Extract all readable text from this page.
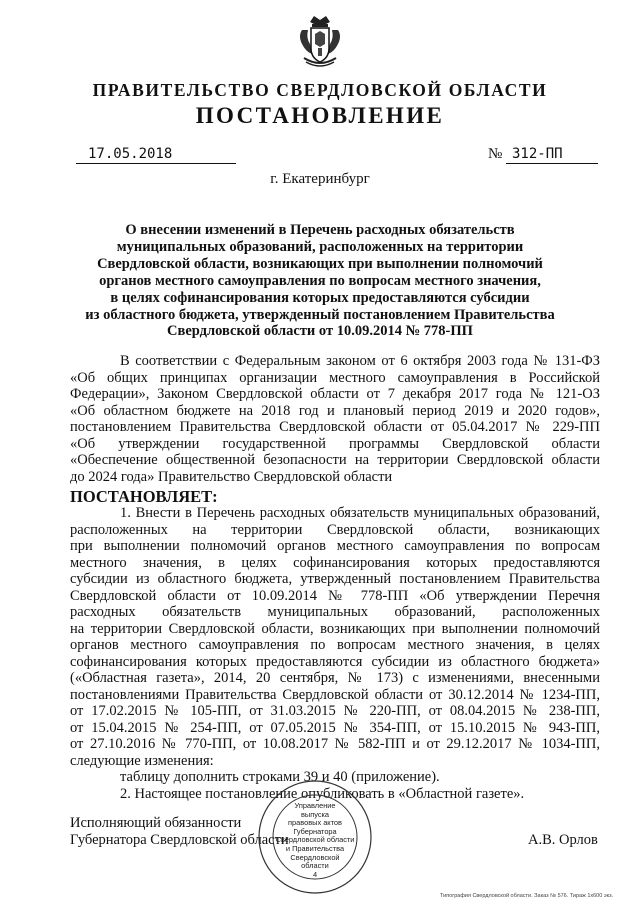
ПРАВИТЕЛЬСТВО СВЕРДЛОВСКОЙ ОБЛАСТИ
ПОСТАНОВЛЕНИЕ
17.05.2018	№ 312-ПП
г. Екатеринбург
О внесении изменений в Перечень расходных обязательств
муниципальных образований, расположенных на территории
Свердловской области, возникающих при выполнении полномочий
органов местного самоуправления по вопросам местного значения,
в целях софинансирования которых предоставляются субсидии
из областного бюджета, утвержденный постановлением Правительства
Свердловской области от 10.09.2014 № 778-ПП
В соответствии с Федеральным законом от 6 октября 2003 года № 131-ФЗ
«Об общих принципах организации местного самоуправления в Российской
Федерации», Законом Свердловской области от 7 декабря 2017 года № 121-ОЗ
«Об областном бюджете на 2018 год и плановый период 2019 и 2020 годов»,
постановлением Правительства Свердловской области от 05.04.2017 № 229-ПП
«Об утверждении государственной программы Свердловской области
«Обеспечение общественной безопасности на территории Свердловской области
до 2024 года» Правительство Свердловской области
ПОСТАНОВЛЯЕТ:
1. Внести в Перечень расходных обязательств муниципальных образований,
расположенных на территории Свердловской области, возникающих
при выполнении полномочий органов местного самоуправления по вопросам
местного значения, в целях софинансирования которых предоставляются
субсидии из областного бюджета, утвержденный постановлением Правительства
Свердловской области от 10.09.2014 № 778-ПП «Об утверждении Перечня
расходных обязательств муниципальных образований, расположенных
на территории Свердловской области, возникающих при выполнении полномочий
органов местного самоуправления по вопросам местного значения, в целях
софинансирования которых предоставляются субсидии из областного бюджета»
(«Областная газета», 2014, 20 сентября, № 173) с изменениями, внесенными
постановлениями Правительства Свердловской области от 30.12.2014 № 1234-ПП,
от 17.02.2015 № 105-ПП, от 31.03.2015 № 220-ПП, от 08.04.2015 № 238-ПП,
от 15.04.2015 № 254-ПП, от 07.05.2015 № 354-ПП, от 15.10.2015 № 943-ПП,
от 27.10.2016 № 770-ПП, от 10.08.2017 № 582-ПП и от 29.12.2017 № 1034-ПП,
следующие изменения:
таблицу дополнить строками 39 и 40 (приложение).
2. Настоящее постановление опубликовать в «Областной газете».
Исполняющий обязанности
Губернатора Свердловской области	А.В. Орлов
Управление
выпуска
правовых актов
Губернатора
Свердловской области
и Правительства
Свердловской
области
4
Типография Свердловской области. Заказ № 576. Тираж 1х600 экз.
